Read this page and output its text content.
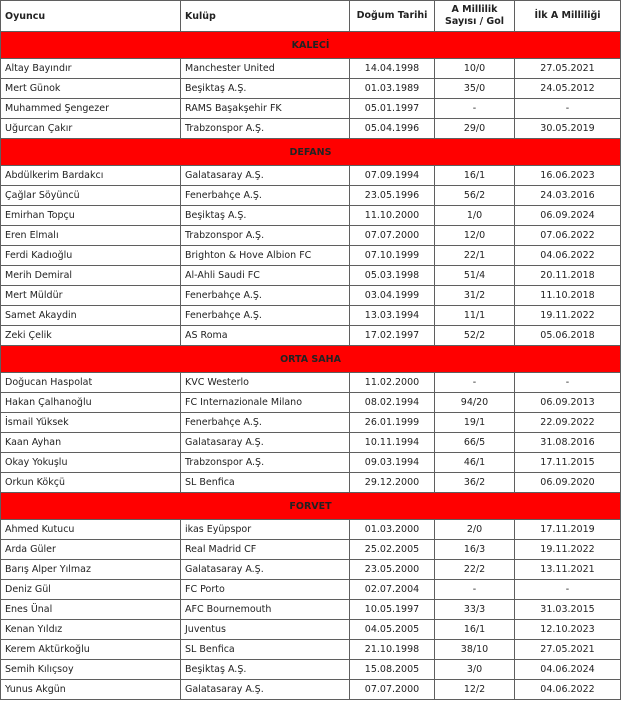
Oyuncu	Kulüp	Doğum Tarihi	A Millilik Sayısı / Gol	İlk A Milliliği
KALECİ				
Altay Bayındır	Manchester United	14.04.1998	10/0	27.05.2021
Mert Günok	Beşiktaş A.Ş.	01.03.1989	35/0	24.05.2012
Muhammed Şengezer	RAMS Başakşehir FK	05.01.1997	-	-
Uğurcan Çakır	Trabzonspor A.Ş.	05.04.1996	29/0	30.05.2019
DEFANS				
Abdülkerim Bardakcı	Galatasaray A.Ş.	07.09.1994	16/1	16.06.2023
Çağlar Söyüncü	Fenerbahçe A.Ş.	23.05.1996	56/2	24.03.2016
Emirhan Topçu	Beşiktaş A.Ş.	11.10.2000	1/0	06.09.2024
Eren Elmalı	Trabzonspor A.Ş.	07.07.2000	12/0	07.06.2022
Ferdi Kadıoğlu	Brighton & Hove Albion FC	07.10.1999	22/1	04.06.2022
Merih Demiral	Al-Ahli Saudi FC	05.03.1998	51/4	20.11.2018
Mert Müldür	Fenerbahçe A.Ş.	03.04.1999	31/2	11.10.2018
Samet Akaydin	Fenerbahçe A.Ş.	13.03.1994	11/1	19.11.2022
Zeki Çelik	AS Roma	17.02.1997	52/2	05.06.2018
ORTA SAHA				
Doğucan Haspolat	KVC Westerlo	11.02.2000	-	-
Hakan Çalhanoğlu	FC Internazionale Milano	08.02.1994	94/20	06.09.2013
İsmail Yüksek	Fenerbahçe A.Ş.	26.01.1999	19/1	22.09.2022
Kaan Ayhan	Galatasaray A.Ş.	10.11.1994	66/5	31.08.2016
Okay Yokuşlu	Trabzonspor A.Ş.	09.03.1994	46/1	17.11.2015
Orkun Kökçü	SL Benfica	29.12.2000	36/2	06.09.2020
FORVET				
Ahmed Kutucu	ikas Eyüpspor	01.03.2000	2/0	17.11.2019
Arda Güler	Real Madrid CF	25.02.2005	16/3	19.11.2022
Barış Alper Yılmaz	Galatasaray A.Ş.	23.05.2000	22/2	13.11.2021
Deniz Gül	FC Porto	02.07.2004	-	-
Enes Ünal	AFC Bournemouth	10.05.1997	33/3	31.03.2015
Kenan Yıldız	Juventus	04.05.2005	16/1	12.10.2023
Kerem Aktürkoğlu	SL Benfica	21.10.1998	38/10	27.05.2021
Semih Kılıçsoy	Beşiktaş A.Ş.	15.08.2005	3/0	04.06.2024
Yunus Akgün	Galatasaray A.Ş.	07.07.2000	12/2	04.06.2022
